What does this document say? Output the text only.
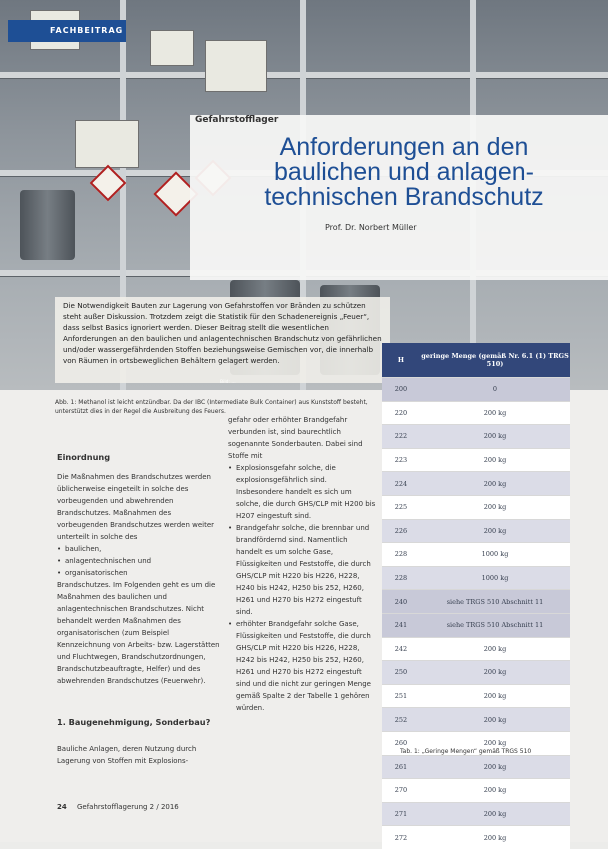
FACHBEITRAG
Gefahrstofflager
Anforderungen an den
baulichen und anlagen-
technischen Brandschutz
Prof. Dr. Norbert Müller
Die Notwendigkeit Bauten zur Lagerung von Gefahrstoffen vor Bränden zu schützen steht außer Diskussion. Trotzdem zeigt die Statistik für den Schadenereignis „Feuer“, dass selbst Basics ignoriert werden. Dieser Beitrag stellt die wesentlichen Anforderungen an den baulichen und anlagentechnischen Brandschutz von gefährlichen und/oder wassergefährdenden Stoffen beziehungsweise Gemischen vor, die innerhalb von Räumen in ortsbeweglichen Behältern gelagert werden.
Bild: ...
Abb. 1: Methanol ist leicht entzündbar. Da der IBC (Intermediate Bulk Container) aus Kunststoff besteht, unterstützt dies in der Regel die Ausbreitung des Feuers.
Einordnung

Die Maßnahmen des Brandschutzes werden üblicherweise eingeteilt in solche des vorbeugenden und abwehrenden Brandschutzes. Maßnahmen des vorbeugenden Brandschutzes werden weiter unterteilt in solche des

• baulichen,
• anlagentechnischen und
• organisatorischen

Brandschutzes. Im Folgenden geht es um die Maßnahmen des baulichen und anlagentechnischen Brandschutzes. Nicht behandelt werden Maßnahmen des organisatorischen (zum Beispiel Kennzeichnung von Arbeits- bzw. Lagerstätten und Fluchtwegen, Brandschutzordnungen, Brandschutzbeauftragte, Helfer) und des abwehrenden Brandschutzes (Feuerwehr).

1. Baugenehmigung, Sonderbau?

Bauliche Anlagen, deren Nutzung durch Lagerung von Stoffen mit Explosions-

gefahr oder erhöhter Brandgefahr verbunden ist, sind baurechtlich sogenannte Sonderbauten. Dabei sind Stoffe mit

• Explosionsgefahr solche, die explosionsgefährlich sind. Insbesondere handelt es sich um solche, die durch GHS/CLP mit H200 bis H207 eingestuft sind.
• Brandgefahr solche, die brennbar und brandfördernd sind. Namentlich handelt es um solche Gase, Flüssigkeiten und Feststoffe, die durch GHS/CLP mit H220 bis H226, H228, H240 bis H242, H250 bis 252, H260, H261 und H270 bis H272 eingestuft sind.
• erhöhter Brandgefahr solche Gase, Flüssigkeiten und Feststoffe, die durch GHS/CLP mit H220 bis H226, H228, H242 bis H242, H250 bis 252, H260, H261 und H270 bis H272 eingestuft sind und die nicht zur geringen Menge gemäß Spalte 2 der Tabelle 1 gehören würden.
H	geringe Menge (gemäß Nr. 6.1 (1) TRGS 510)
200	0
220	200 kg
222	200 kg
223	200 kg
224	200 kg
225	200 kg
226	200 kg
228	1000 kg
228	1000 kg
240	siehe TRGS 510 Abschnitt 11
241	siehe TRGS 510 Abschnitt 11
242	200 kg
250	200 kg
251	200 kg
252	200 kg
260	200 kg
261	200 kg
270	200 kg
271	200 kg
272	200 kg
Tab. 1: „Geringe Mengen“ gemäß TRGS 510
24 Gefahrstofflagerung 2 / 2016
